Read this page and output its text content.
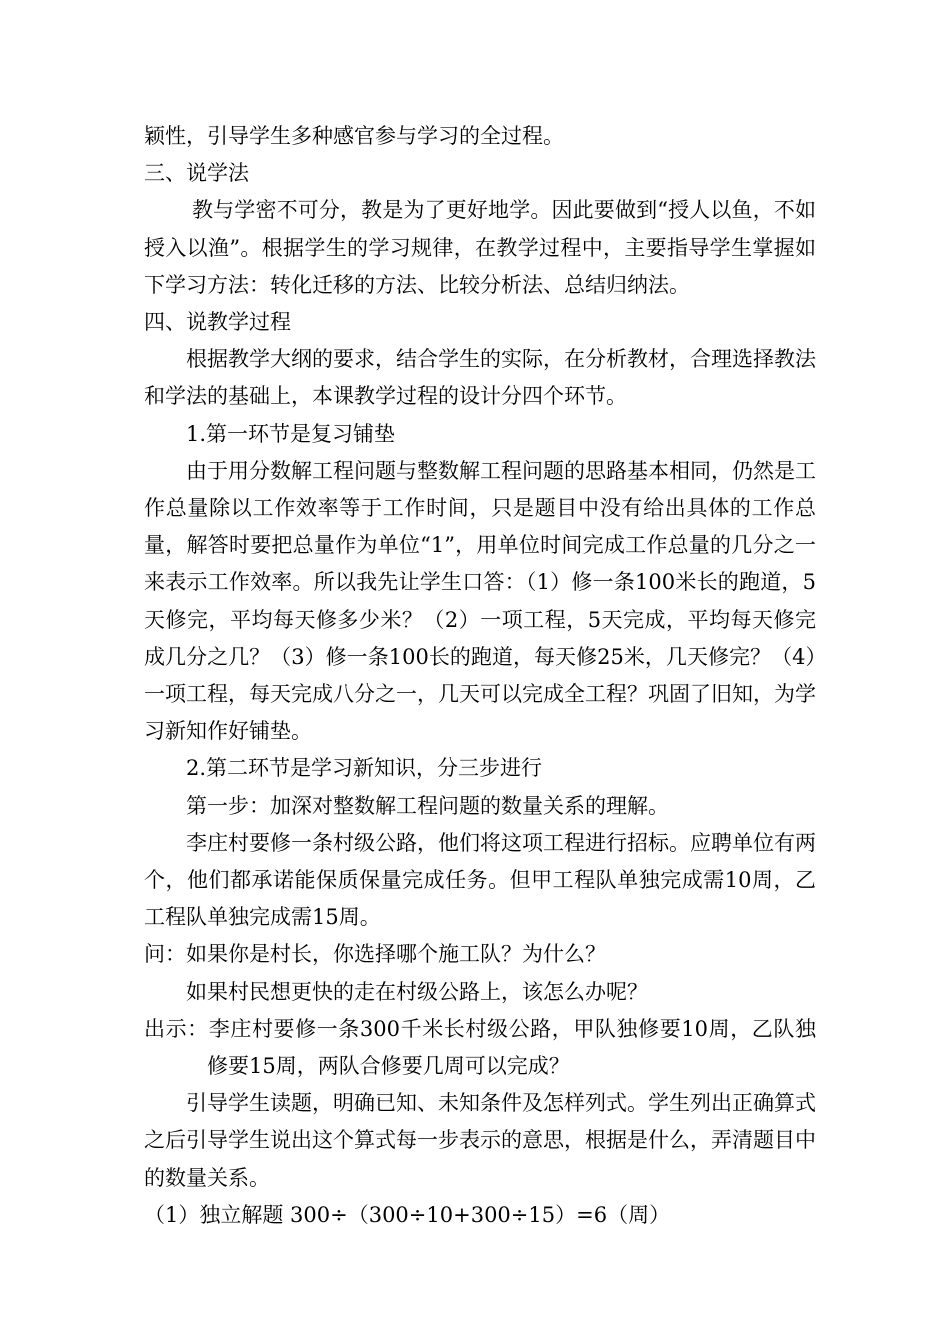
颖性，引导学生多种感官参与学习的全过程。

三、说学法

教与学密不可分，教是为了更好地学。因此要做到“授人以鱼，不如授入以渔”。根据学生的学习规律，在教学过程中，主要指导学生掌握如下学习方法：转化迁移的方法、比较分析法、总结归纳法。

四、说教学过程

根据教学大纲的要求，结合学生的实际，在分析教材，合理选择教法和学法的基础上，本课教学过程的设计分四个环节。

1.第一环节是复习铺垫

由于用分数解工程问题与整数解工程问题的思路基本相同，仍然是工作总量除以工作效率等于工作时间，只是题目中没有给出具体的工作总量，解答时要把总量作为单位“1”，用单位时间完成工作总量的几分之一来表示工作效率。所以我先让学生口答：（1）修一条100米长的跑道，5天修完，平均每天修多少米？（2）一项工程，5天完成，平均每天修完成几分之几？（3）修一条100长的跑道，每天修25米，几天修完？（4）一项工程，每天完成八分之一，几天可以完成全工程？巩固了旧知，为学习新知作好铺垫。

2.第二环节是学习新知识，分三步进行

第一步：加深对整数解工程问题的数量关系的理解。

李庄村要修一条村级公路，他们将这项工程进行招标。应聘单位有两个，他们都承诺能保质保量完成任务。但甲工程队单独完成需10周，乙工程队单独完成需15周。

问：如果你是村长，你选择哪个施工队？为什么？

如果村民想更快的走在村级公路上，该怎么办呢？

出示：李庄村要修一条300千米长村级公路，甲队独修要10周，乙队独修要15周，两队合修要几周可以完成？

引导学生读题，明确已知、未知条件及怎样列式。学生列出正确算式之后引导学生说出这个算式每一步表示的意思，根据是什么，弄清题目中的数量关系。

（1）独立解题 300÷（300÷10+300÷15）=6（周）
